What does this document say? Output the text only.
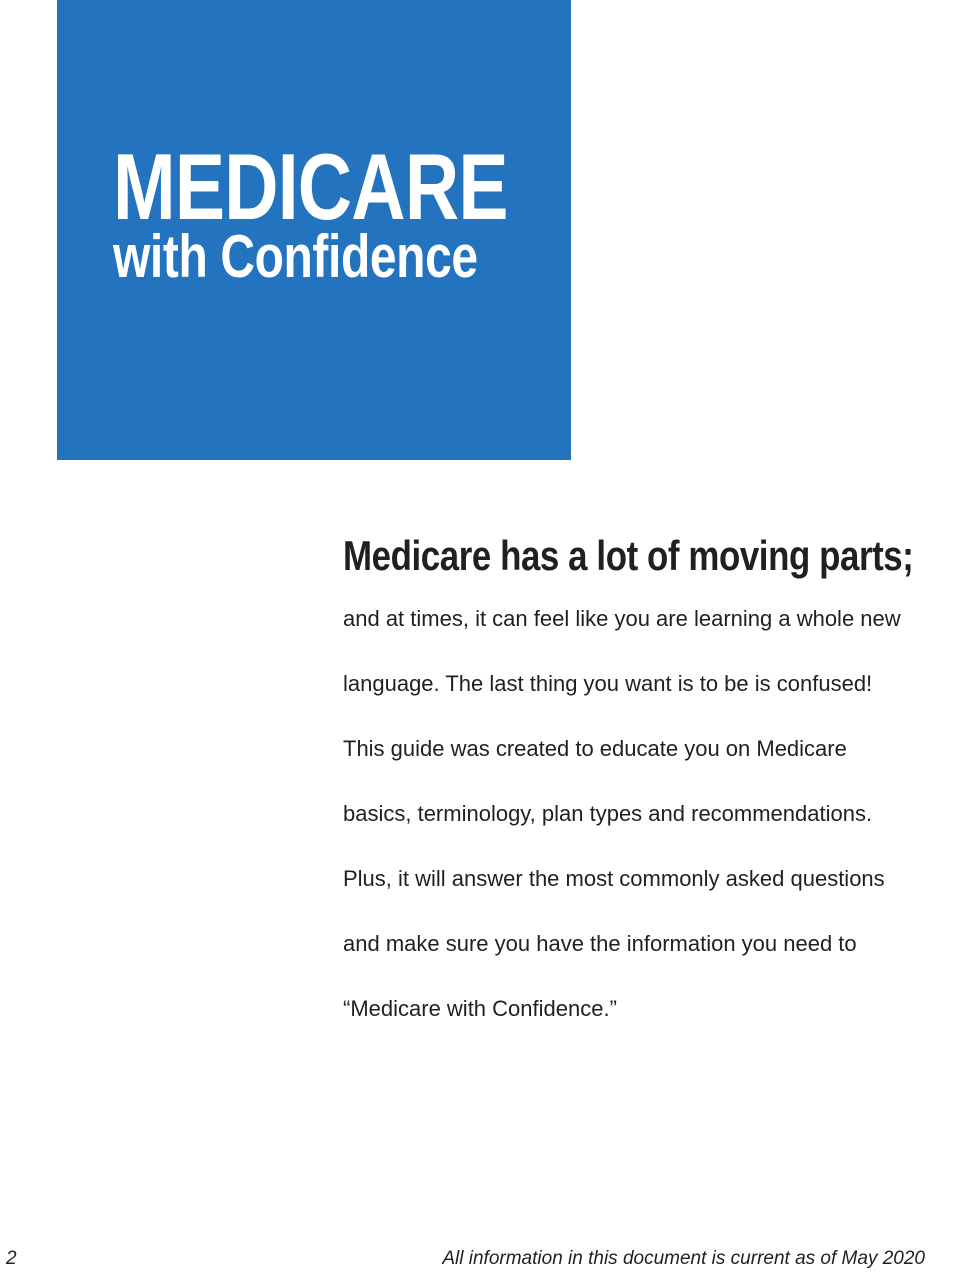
MEDICARE
with Confidence
Medicare has a lot of moving parts;
and at times, it can feel like you are learning a whole new
language. The last thing you want is to be is confused!
This guide was created to educate you on Medicare
basics, terminology, plan types and recommendations.
Plus, it will answer the most commonly asked questions
and make sure you have the information you need to
“Medicare with Confidence.”
2	All information in this document is current as of May 2020
